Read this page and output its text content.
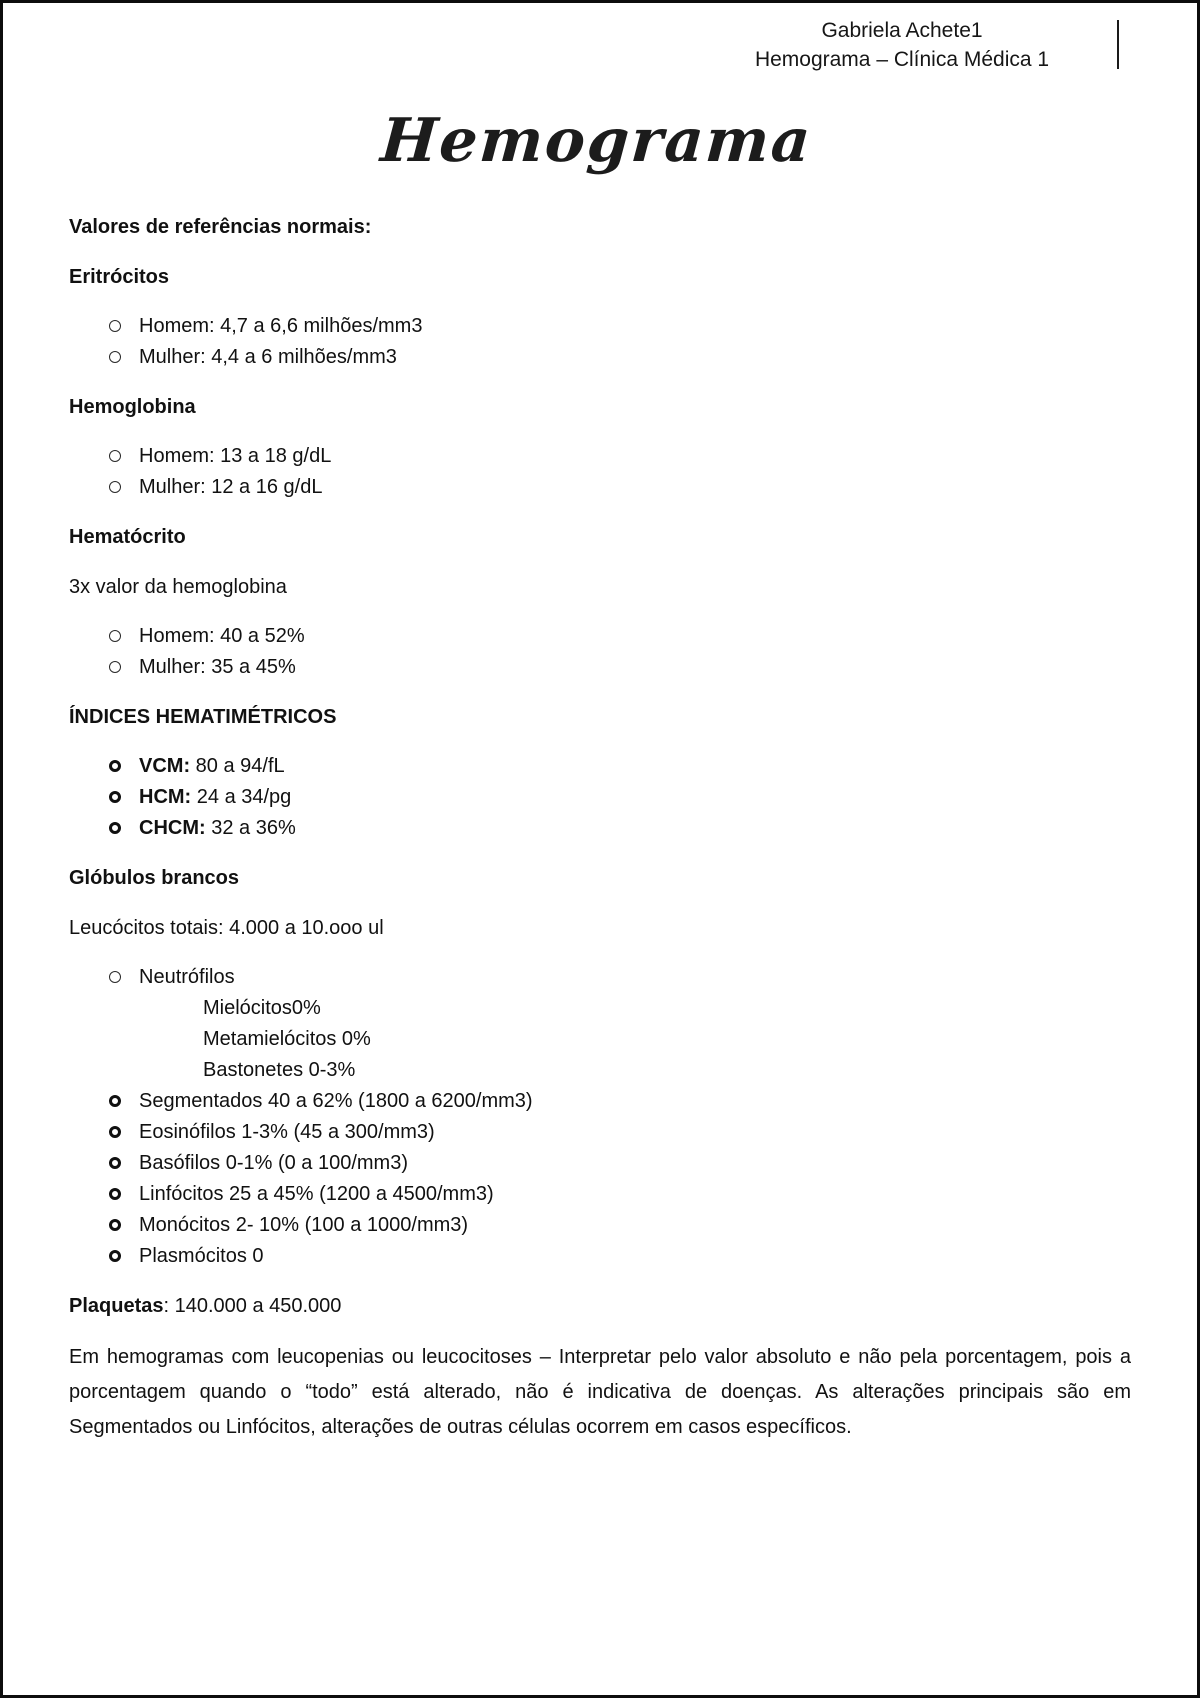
Gabriela Achete1
Hemograma – Clínica Médica 1
Hemograma

Valores de referências normais:

Eritrócitos

Homem: 4,7 a 6,6 milhões/mm3
Mulher: 4,4 a 6 milhões/mm3

Hemoglobina

Homem: 13 a 18 g/dL
Mulher: 12 a 16 g/dL

Hematócrito

3x valor da hemoglobina

Homem: 40 a 52%
Mulher: 35 a 45%

ÍNDICES HEMATIMÉTRICOS

VCM: 80 a 94/fL
HCM: 24 a 34/pg
CHCM: 32 a 36%

Glóbulos brancos

Leucócitos totais: 4.000 a 10.ooo ul

Neutrófilos
Mielócitos0%
Metamielócitos 0%
Bastonetes 0-3%
Segmentados 40 a 62% (1800 a 6200/mm3)
Eosinófilos 1-3% (45 a 300/mm3)
Basófilos 0-1% (0 a 100/mm3)
Linfócitos 25 a 45% (1200 a 4500/mm3)
Monócitos 2- 10% (100 a 1000/mm3)
Plasmócitos 0

Plaquetas: 140.000 a 450.000

Em hemogramas com leucopenias ou leucocitoses – Interpretar pelo valor absoluto e não pela porcentagem, pois a porcentagem quando o “todo” está alterado, não é indicativa de doenças. As alterações principais são em Segmentados ou Linfócitos, alterações de outras células ocorrem em casos específicos.
